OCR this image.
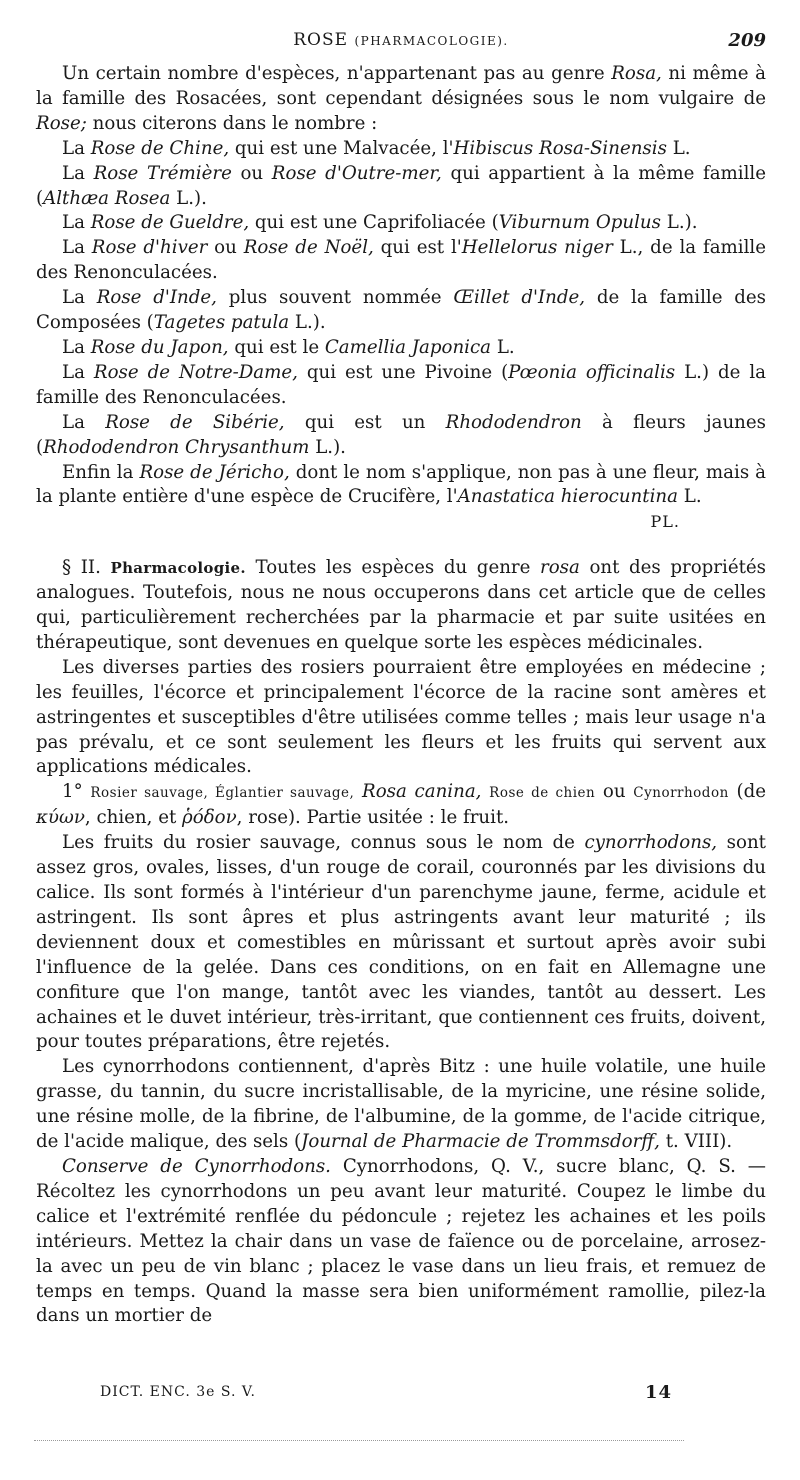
ROSE (PHARMACOLOGIE).	209

Un certain nombre d'espèces, n'appartenant pas au genre Rosa, ni même à la famille des Rosacées, sont cependant désignées sous le nom vulgaire de Rose; nous citerons dans le nombre :

La Rose de Chine, qui est une Malvacée, l'Hibiscus Rosa-Sinensis L.

La Rose Trémière ou Rose d'Outre-mer, qui appartient à la même famille (Althæa Rosea L.).

La Rose de Gueldre, qui est une Caprifoliacée (Viburnum Opulus L.).

La Rose d'hiver ou Rose de Noël, qui est l'Hellelorus niger L., de la famille des Renonculacées.

La Rose d'Inde, plus souvent nommée Œillet d'Inde, de la famille des Composées (Tagetes patula L.).

La Rose du Japon, qui est le Camellia Japonica L.

La Rose de Notre-Dame, qui est une Pivoine (Pœonia officinalis L.) de la famille des Renonculacées.

La Rose de Sibérie, qui est un Rhododendron à fleurs jaunes (Rhododendron Chrysanthum L.).

Enfin la Rose de Jéricho, dont le nom s'applique, non pas à une fleur, mais à la plante entière d'une espèce de Crucifère, l'Anastatica hierocuntina L.

PL.

§ II. Pharmacologie. Toutes les espèces du genre rosa ont des propriétés analogues. Toutefois, nous ne nous occuperons dans cet article que de celles qui, particulièrement recherchées par la pharmacie et par suite usitées en thérapeutique, sont devenues en quelque sorte les espèces médicinales.

Les diverses parties des rosiers pourraient être employées en médecine ; les feuilles, l'écorce et principalement l'écorce de la racine sont amères et astringentes et susceptibles d'être utilisées comme telles ; mais leur usage n'a pas prévalu, et ce sont seulement les fleurs et les fruits qui servent aux applications médicales.

1° Rosier sauvage, Églantier sauvage, Rosa canina, Rose de chien ou Cynorrhodon (de κύων, chien, et ῥόδον, rose). Partie usitée : le fruit.

Les fruits du rosier sauvage, connus sous le nom de cynorrhodons, sont assez gros, ovales, lisses, d'un rouge de corail, couronnés par les divisions du calice. Ils sont formés à l'intérieur d'un parenchyme jaune, ferme, acidule et astringent. Ils sont âpres et plus astringents avant leur maturité ; ils deviennent doux et comestibles en mûrissant et surtout après avoir subi l'influence de la gelée. Dans ces conditions, on en fait en Allemagne une confiture que l'on mange, tantôt avec les viandes, tantôt au dessert. Les achaines et le duvet intérieur, très-irritant, que contiennent ces fruits, doivent, pour toutes préparations, être rejetés.

Les cynorrhodons contiennent, d'après Bitz : une huile volatile, une huile grasse, du tannin, du sucre incristallisable, de la myricine, une résine solide, une résine molle, de la fibrine, de l'albumine, de la gomme, de l'acide citrique, de l'acide malique, des sels (Journal de Pharmacie de Trommsdorff, t. VIII).

Conserve de Cynorrhodons. Cynorrhodons, Q. V., sucre blanc, Q. S. — Récoltez les cynorrhodons un peu avant leur maturité. Coupez le limbe du calice et l'extrémité renflée du pédoncule ; rejetez les achaines et les poils intérieurs. Mettez la chair dans un vase de faïence ou de porcelaine, arrosez-la avec un peu de vin blanc ; placez le vase dans un lieu frais, et remuez de temps en temps. Quand la masse sera bien uniformément ramollie, pilez-la dans un mortier de

DICT. ENC. 3e S. V.	14
